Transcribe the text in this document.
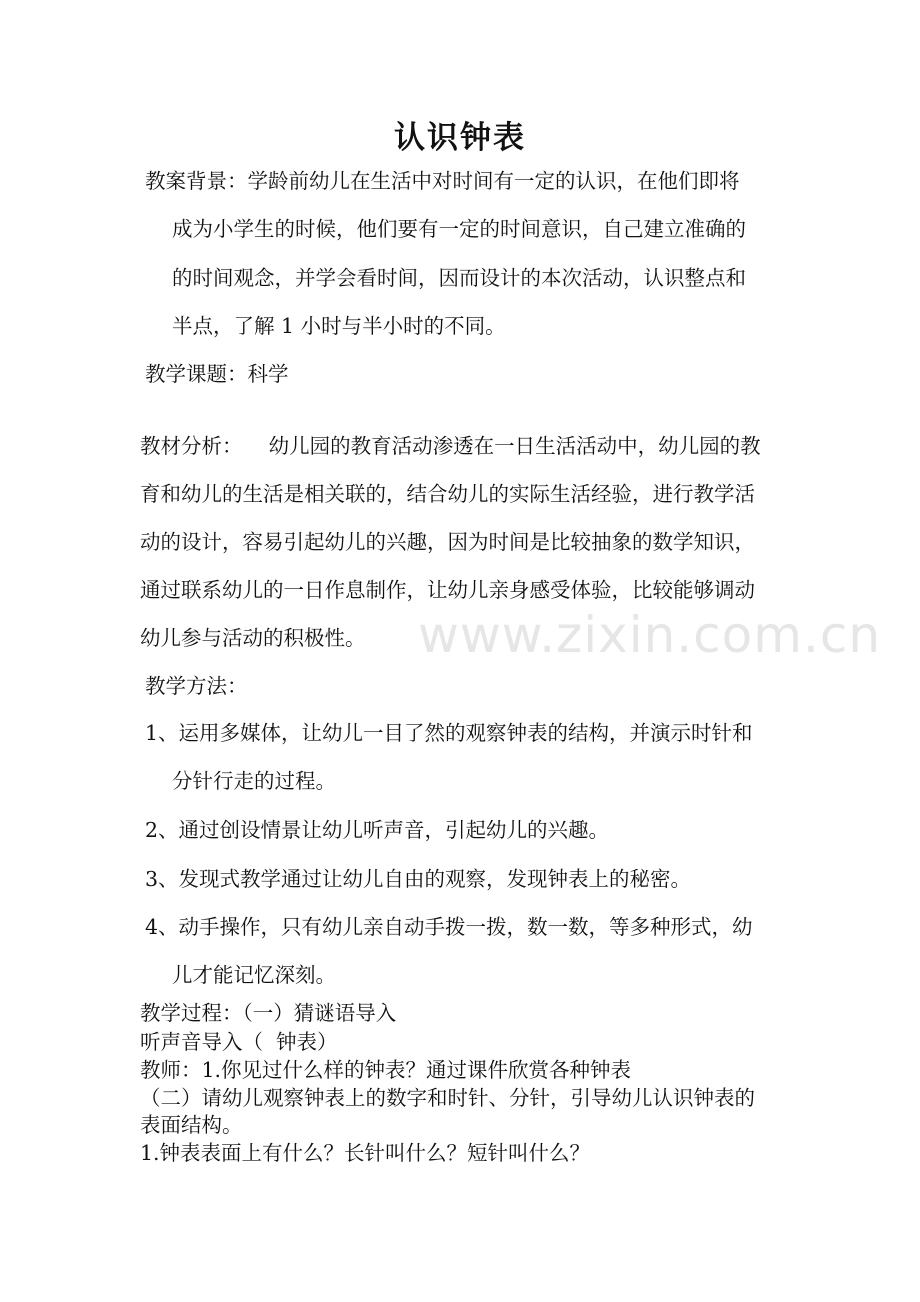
认识钟表
www.zixin.com.cn
教案背景：学龄前幼儿在生活中对时间有一定的认识，在他们即将
成为小学生的时候，他们要有一定的时间意识，自己建立准确的
的时间观念，并学会看时间，因而设计的本次活动，认识整点和
半点，了解 1 小时与半小时的不同。
教学课题：科学
教材分析：    幼儿园的教育活动渗透在一日生活活动中，幼儿园的教
育和幼儿的生活是相关联的，结合幼儿的实际生活经验，进行教学活
动的设计，容易引起幼儿的兴趣，因为时间是比较抽象的数学知识，
通过联系幼儿的一日作息制作，让幼儿亲身感受体验，比较能够调动
幼儿参与活动的积极性。
教学方法：
1、运用多媒体，让幼儿一目了然的观察钟表的结构，并演示时针和
分针行走的过程。
2、通过创设情景让幼儿听声音，引起幼儿的兴趣。
3、发现式教学通过让幼儿自由的观察，发现钟表上的秘密。
4、动手操作，只有幼儿亲自动手拨一拨，数一数，等多种形式，幼
儿才能记忆深刻。
教学过程：（一）猜谜语导入
听声音导入（  钟表）
教师：1.你见过什么样的钟表？通过课件欣赏各种钟表
（二）请幼儿观察钟表上的数字和时针、分针，引导幼儿认识钟表的
表面结构。
1.钟表表面上有什么？长针叫什么？短针叫什么？
